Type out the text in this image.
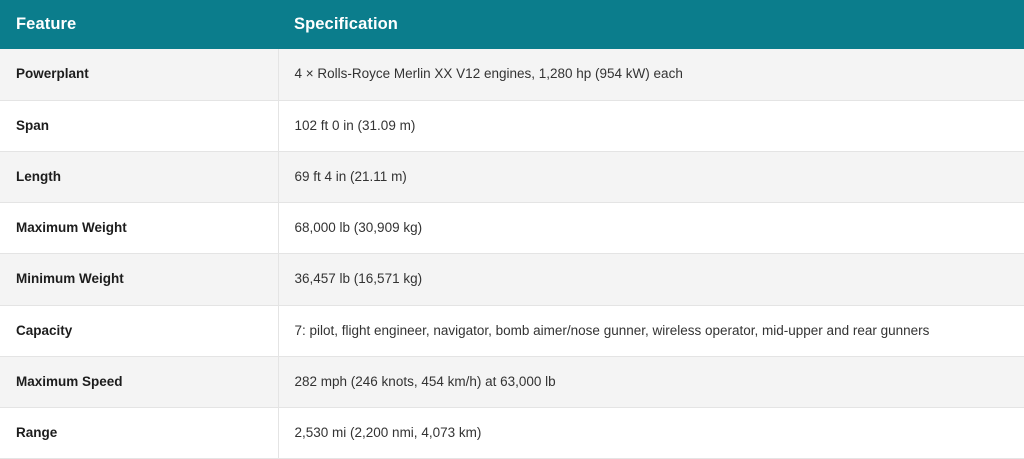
Feature	Specification
Powerplant	4 × Rolls-Royce Merlin XX V12 engines, 1,280 hp (954 kW) each
Span	102 ft 0 in (31.09 m)
Length	69 ft 4 in (21.11 m)
Maximum Weight	68,000 lb (30,909 kg)
Minimum Weight	36,457 lb (16,571 kg)
Capacity	7: pilot, flight engineer, navigator, bomb aimer/nose gunner, wireless operator, mid-upper and rear gunners
Maximum Speed	282 mph (246 knots, 454 km/h) at 63,000 lb
Range	2,530 mi (2,200 nmi, 4,073 km)
